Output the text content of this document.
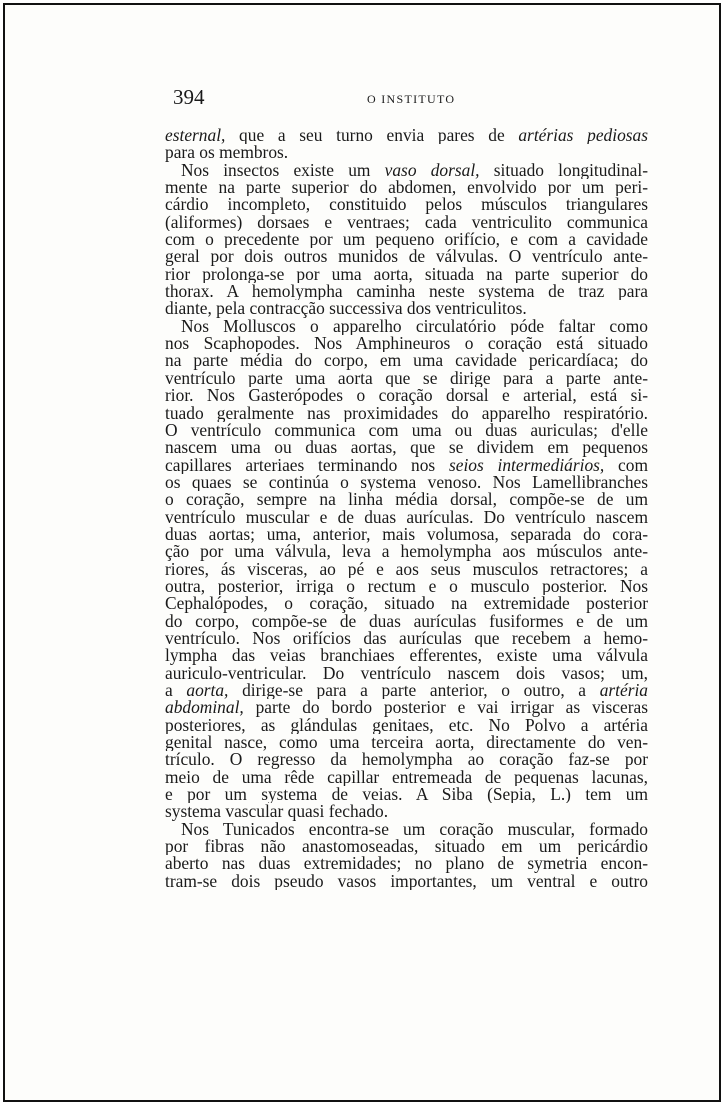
394	O INSTITUTO
esternal, que a seu turno envia pares de artérias pediosas
para os membros.
Nos insectos existe um vaso dorsal, situado longitudinal-
mente na parte superior do abdomen, envolvido por um peri-
cárdio incompleto, constituido pelos músculos triangulares
(aliformes) dorsaes e ventraes; cada ventriculito communica
com o precedente por um pequeno orifício, e com a cavidade
geral por dois outros munidos de válvulas. O ventrículo ante-
rior prolonga-se por uma aorta, situada na parte superior do
thorax. A hemolympha caminha neste systema de traz para
diante, pela contracção successiva dos ventriculitos.
Nos Molluscos o apparelho circulatório póde faltar como
nos Scaphopodes. Nos Amphineuros o coração está situado
na parte média do corpo, em uma cavidade pericardíaca; do
ventrículo parte uma aorta que se dirige para a parte ante-
rior. Nos Gasterópodes o coração dorsal e arterial, está si-
tuado geralmente nas proximidades do apparelho respiratório.
O ventrículo communica com uma ou duas auriculas; d'elle
nascem uma ou duas aortas, que se dividem em pequenos
capillares arteriaes terminando nos seios intermediários, com
os quaes se continúa o systema venoso. Nos Lamellibranches
o coração, sempre na linha média dorsal, compõe-se de um
ventrículo muscular e de duas aurículas. Do ventrículo nascem
duas aortas; uma, anterior, mais volumosa, separada do cora-
ção por uma válvula, leva a hemolympha aos músculos ante-
riores, ás visceras, ao pé e aos seus musculos retractores; a
outra, posterior, irriga o rectum e o musculo posterior. Nos
Cephalópodes, o coração, situado na extremidade posterior
do corpo, compõe-se de duas aurículas fusiformes e de um
ventrículo. Nos orifícios das aurículas que recebem a hemo-
lympha das veias branchiaes efferentes, existe uma válvula
auriculo-ventricular. Do ventrículo nascem dois vasos; um,
a aorta, dirige-se para a parte anterior, o outro, a artéria
abdominal, parte do bordo posterior e vai irrigar as visceras
posteriores, as glándulas genitaes, etc. No Polvo a artéria
genital nasce, como uma terceira aorta, directamente do ven-
trículo. O regresso da hemolympha ao coração faz-se por
meio de uma rêde capillar entremeada de pequenas lacunas,
e por um systema de veias. A Siba (Sepia, L.) tem um
systema vascular quasi fechado.
Nos Tunicados encontra-se um coração muscular, formado
por fibras não anastomoseadas, situado em um pericárdio
aberto nas duas extremidades; no plano de symetria encon-
tram-se dois pseudo vasos importantes, um ventral e outro
